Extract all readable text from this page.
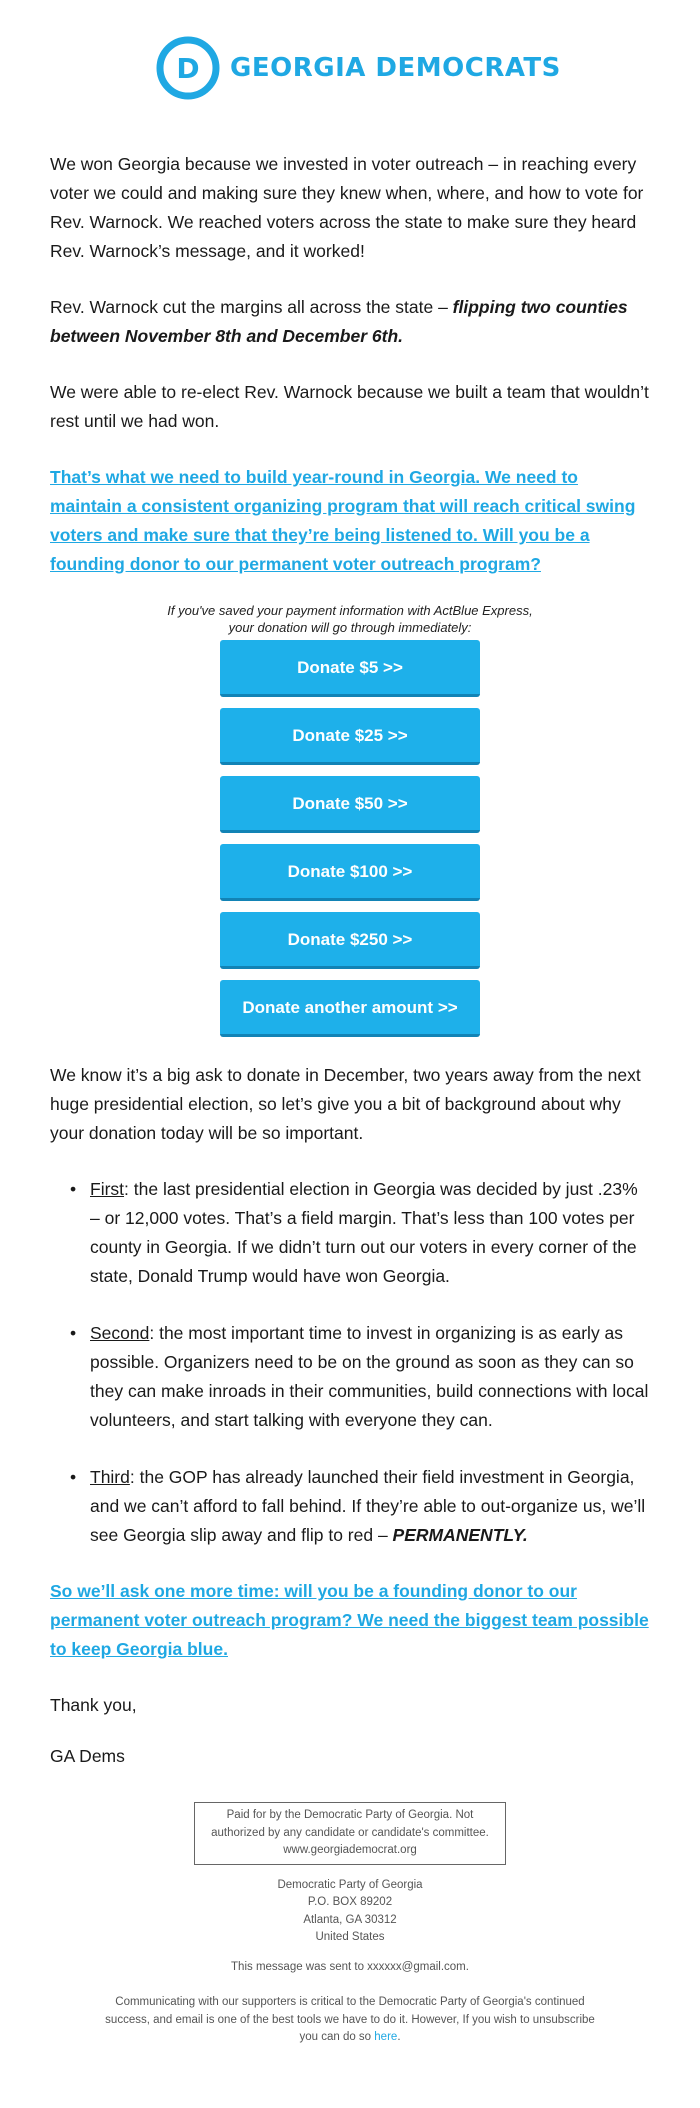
D GEORGIA DEMOCRATS

We won Georgia because we invested in voter outreach – in reaching every voter we could and making sure they knew when, where, and how to vote for Rev. Warnock. We reached voters across the state to make sure they heard Rev. Warnock’s message, and it worked!

Rev. Warnock cut the margins all across the state – flipping two counties between November 8th and December 6th.

We were able to re-elect Rev. Warnock because we built a team that wouldn’t rest until we had won.

That’s what we need to build year-round in Georgia. We need to maintain a consistent organizing program that will reach critical swing voters and make sure that they’re being listened to. Will you be a founding donor to our permanent voter outreach program?
If you've saved your payment information with ActBlue Express,
your donation will go through immediately:
Donate $5 >>
Donate $25 >>
Donate $50 >>
Donate $100 >>
Donate $250 >>
Donate another amount >>

We know it’s a big ask to donate in December, two years away from the next huge presidential election, so let’s give you a bit of background about why your donation today will be so important.

• First: the last presidential election in Georgia was decided by just .23% – or 12,000 votes. That’s a field margin. That’s less than 100 votes per county in Georgia. If we didn’t turn out our voters in every corner of the state, Donald Trump would have won Georgia.
• Second: the most important time to invest in organizing is as early as possible. Organizers need to be on the ground as soon as they can so they can make inroads in their communities, build connections with local volunteers, and start talking with everyone they can.
• Third: the GOP has already launched their field investment in Georgia, and we can’t afford to fall behind. If they’re able to out-organize us, we’ll see Georgia slip away and flip to red – PERMANENTLY.
So we’ll ask one more time: will you be a founding donor to our permanent voter outreach program? We need the biggest team possible to keep Georgia blue.

Thank you,

GA Dems

Paid for by the Democratic Party of Georgia. Not authorized by any candidate or candidate's committee. www.georgiademocrat.org
Democratic Party of Georgia
P.O. BOX 89202
Atlanta, GA 30312
United States
This message was sent to xxxxxx@gmail.com.
Communicating with our supporters is critical to the Democratic Party of Georgia's continued success, and email is one of the best tools we have to do it. However, If you wish to unsubscribe you can do so here.
